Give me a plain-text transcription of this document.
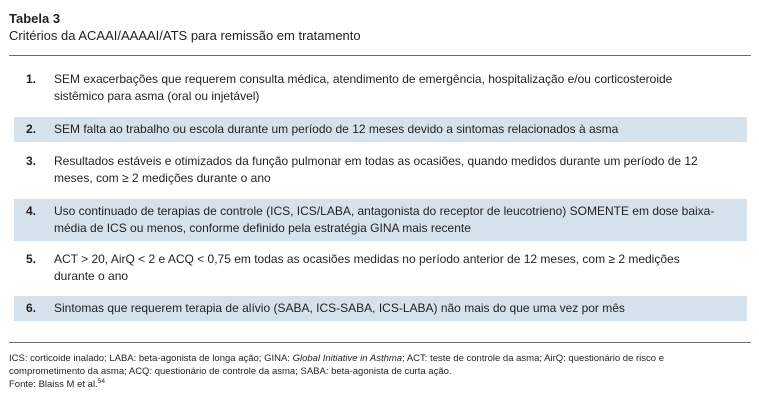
Tabela 3
Critérios da ACAAI/AAAAI/ATS para remissão em tratamento
1. SEM exacerbações que requerem consulta médica, atendimento de emergência, hospitalização e/ou corticosteroide
sistêmico para asma (oral ou injetável)
2. SEM falta ao trabalho ou escola durante um período de 12 meses devido a sintomas relacionados à asma
3. Resultados estáveis e otimizados da função pulmonar em todas as ocasiões, quando medidos durante um período de 12
meses, com ≥ 2 medições durante o ano
4. Uso continuado de terapias de controle (ICS, ICS/LABA, antagonista do receptor de leucotrieno) SOMENTE em dose baixa-
média de ICS ou menos, conforme definido pela estratégia GINA mais recente
5. ACT > 20, AirQ < 2 e ACQ < 0,75 em todas as ocasiões medidas no período anterior de 12 meses, com ≥ 2 medições
durante o ano
6. Sintomas que requerem terapia de alívio (SABA, ICS-SABA, ICS-LABA) não mais do que uma vez por mês
ICS: corticoide inalado; LABA: beta-agonista de longa ação; GINA: Global Initiative in Asthma; ACT: teste de controle da asma; AirQ: questionário de risco e
comprometimento da asma; ACQ: questionário de controle da asma; SABA: beta-agonista de curta ação.
Fonte: Blaiss M et al.$^{54}$
